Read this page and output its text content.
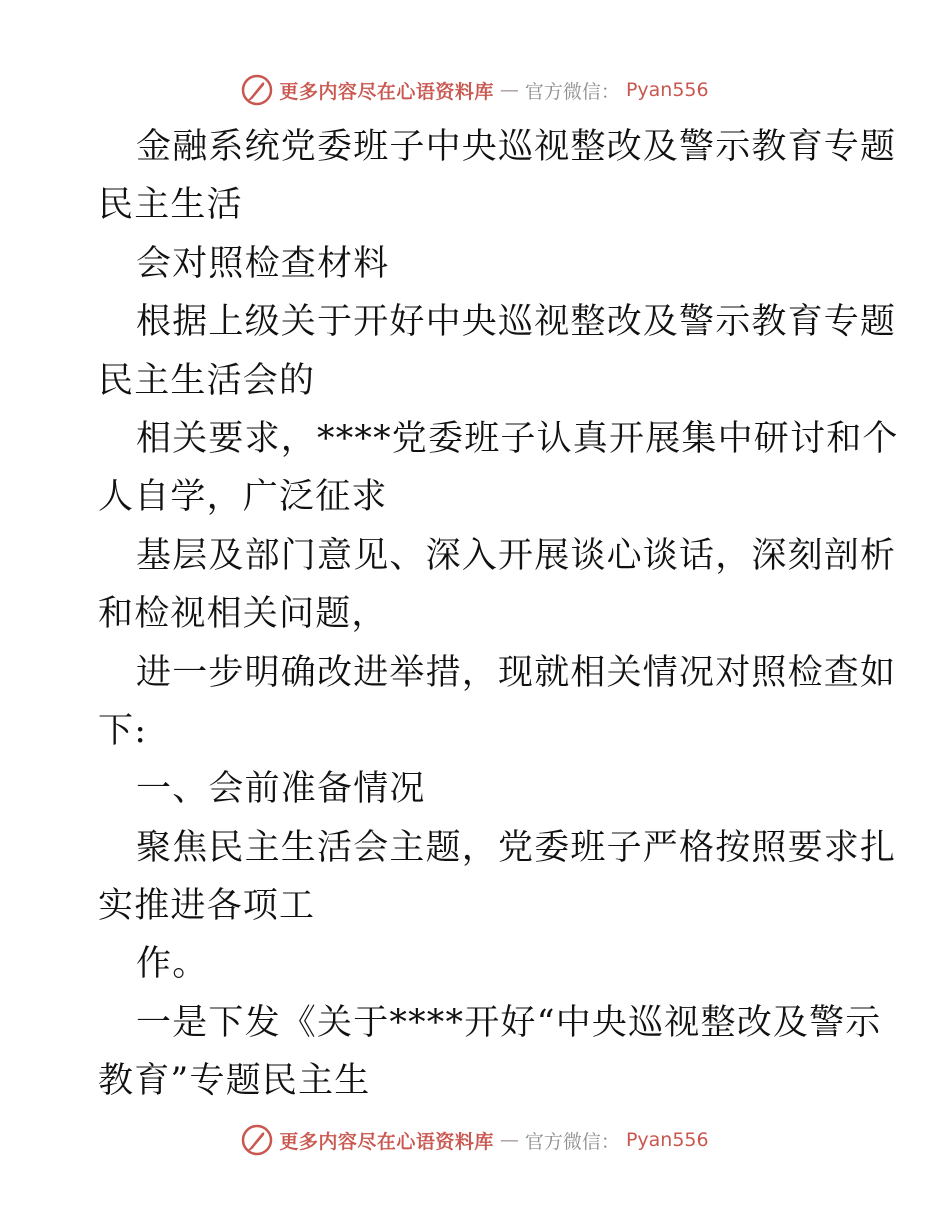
更多内容尽在心语资料库 — 官方微信： Pyan556
金融系统党委班子中央巡视整改及警示教育专题
民主生活
会对照检查材料
根据上级关于开好中央巡视整改及警示教育专题
民主生活会的
相关要求，****党委班子认真开展集中研讨和个
人自学，广泛征求
基层及部门意见、深入开展谈心谈话，深刻剖析
和检视相关问题，
进一步明确改进举措，现就相关情况对照检查如
下:
一、会前准备情况
聚焦民主生活会主题，党委班子严格按照要求扎
实推进各项工
作。
一是下发《关于****开好“中央巡视整改及警示
教育”专题民主生
更多内容尽在心语资料库 — 官方微信： Pyan556
